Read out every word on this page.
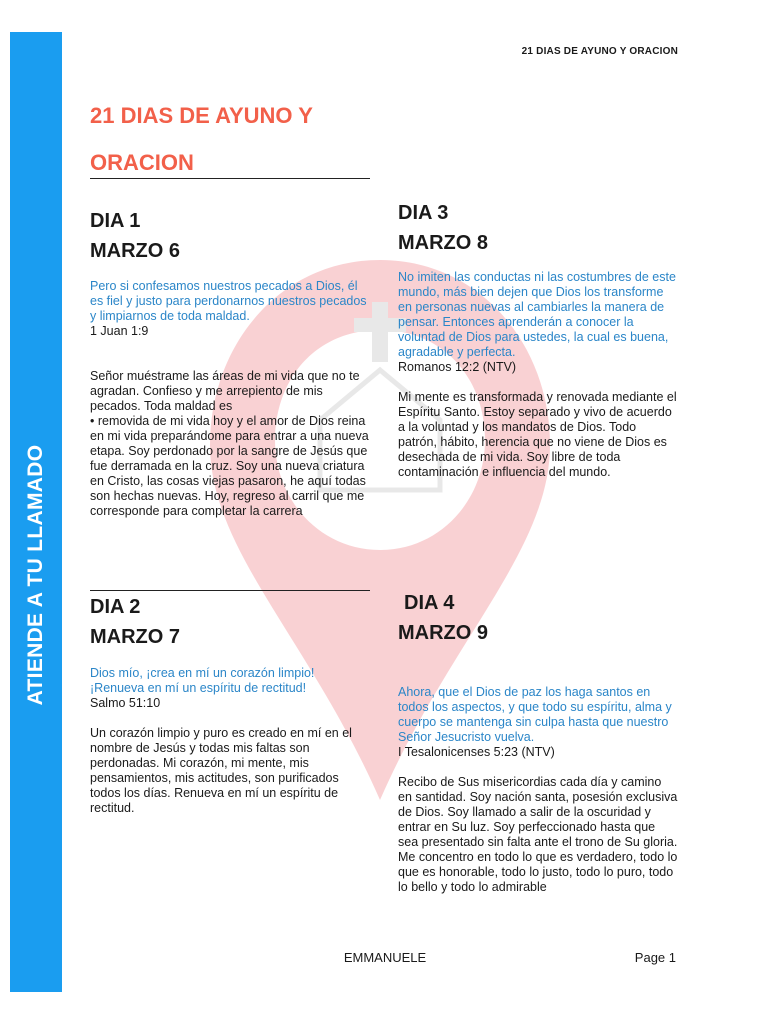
ATIENDE A TU LLAMADO
21 DIAS DE AYUNO Y ORACION
21 DIAS DE AYUNO Y
ORACION

DIA 1

MARZO 6

Pero si confesamos nuestros pecados a Dios, él es fiel y justo para perdonarnos nuestros pecados y limpiarnos de toda maldad.

1 Juan 1:9

Señor muéstrame las áreas de mi vida que no te agradan. Confieso y me arrepiento de mis pecados. Toda maldad es

• removida de mi vida hoy y el amor de Dios reina en mi vida preparándome para entrar a una nueva etapa. Soy perdonado por la sangre de Jesús que fue derramada en la cruz. Soy una nueva criatura en Cristo, las cosas viejas pasaron, he aquí todas son hechas nuevas. Hoy, regreso al carril que me corresponde para completar la carrera

DIA 2

MARZO 7

Dios mío, ¡crea en mí un corazón limpio! ¡Renueva en mí un espíritu de rectitud!

Salmo 51:10

Un corazón limpio y puro es creado en mí en el nombre de Jesús y todas mis faltas son perdonadas. Mi corazón, mi mente, mis pensamientos, mis actitudes, son purificados todos los días. Renueva en mí un espíritu de rectitud.

DIA 3

MARZO 8

No imiten las conductas ni las costumbres de este mundo, más bien dejen que Dios los transforme en personas nuevas al cambiarles la manera de pensar. Entonces aprenderán a conocer la voluntad de Dios para ustedes, la cual es buena, agradable y perfecta.

Romanos 12:2 (NTV)

Mi mente es transformada y renovada mediante el Espíritu Santo. Estoy separado y vivo de acuerdo a la voluntad y los mandatos de Dios. Todo patrón, hábito, herencia que no viene de Dios es desechada de mi vida. Soy libre de toda contaminación e influencia del mundo.

DIA 4

MARZO 9

Ahora, que el Dios de paz los haga santos en todos los aspectos, y que todo su espíritu, alma y cuerpo se mantenga sin culpa hasta que nuestro Señor Jesucristo vuelva.

I Tesalonicenses 5:23 (NTV)

Recibo de Sus misericordias cada día y camino en santidad. Soy nación santa, posesión exclusiva de Dios. Soy llamado a salir de la oscuridad y entrar en Su luz. Soy perfeccionado hasta que sea presentado sin falta ante el trono de Su gloria. Me concentro en todo lo que es verdadero, todo lo que es honorable, todo lo justo, todo lo puro, todo lo bello y todo lo admirable

EMMANUELE	Page 1
